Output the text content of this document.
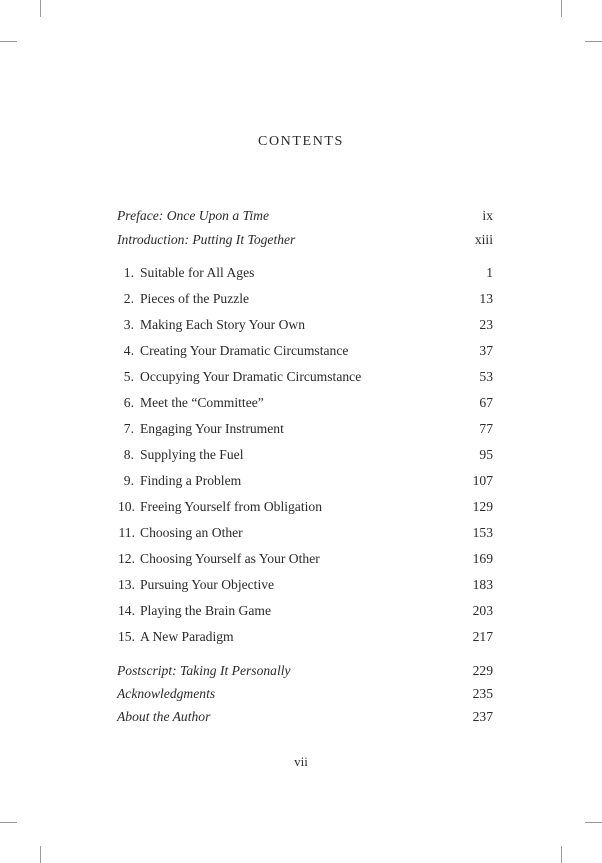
CONTENTS
Preface: Once Upon a Time	ix
Introduction: Putting It Together	xiii
1. Suitable for All Ages	1
2. Pieces of the Puzzle	13
3. Making Each Story Your Own	23
4. Creating Your Dramatic Circumstance	37
5. Occupying Your Dramatic Circumstance	53
6. Meet the “Committee”	67
7. Engaging Your Instrument	77
8. Supplying the Fuel	95
9. Finding a Problem	107
10. Freeing Yourself from Obligation	129
11. Choosing an Other	153
12. Choosing Yourself as Your Other	169
13. Pursuing Your Objective	183
14. Playing the Brain Game	203
15. A New Paradigm	217
Postscript: Taking It Personally	229
Acknowledgments	235
About the Author	237
vii
